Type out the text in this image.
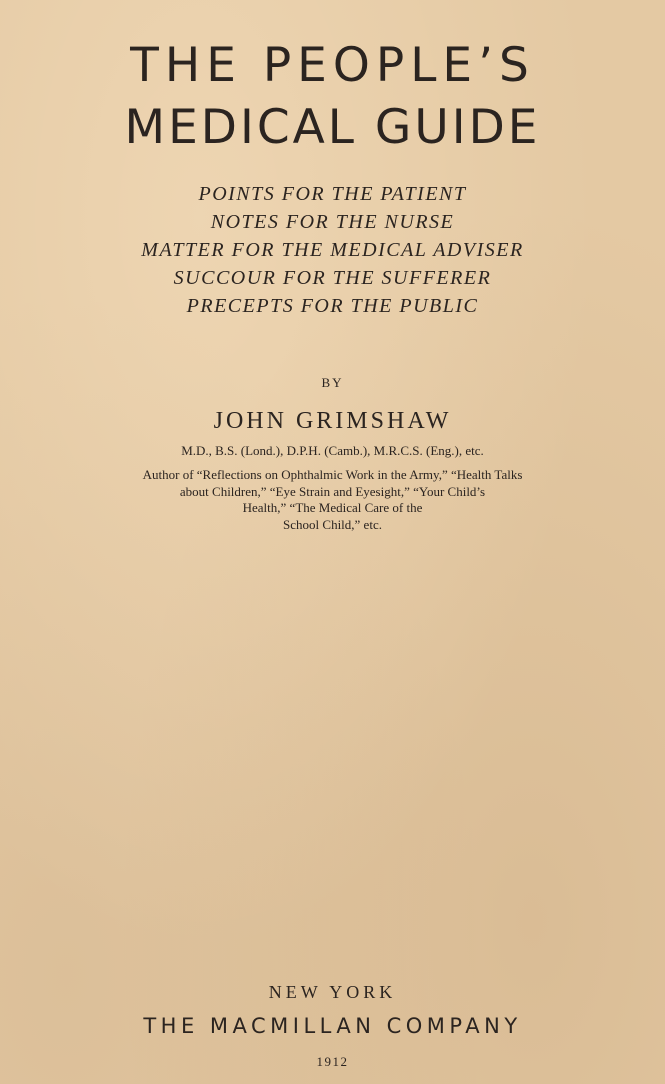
THE PEOPLE’S
MEDICAL GUIDE
POINTS FOR THE PATIENT
NOTES FOR THE NURSE
MATTER FOR THE MEDICAL ADVISER
SUCCOUR FOR THE SUFFERER
PRECEPTS FOR THE PUBLIC
BY
JOHN GRIMSHAW
M.D., B.S. (Lond.), D.P.H. (Camb.), M.R.C.S. (Eng.), etc.
Author of “Reflections on Ophthalmic Work in the Army,” “Health Talks
about Children,” “Eye Strain and Eyesight,” “Your Child’s
Health,” “The Medical Care of the
School Child,” etc.
NEW YORK
THE MACMILLAN COMPANY
1912
